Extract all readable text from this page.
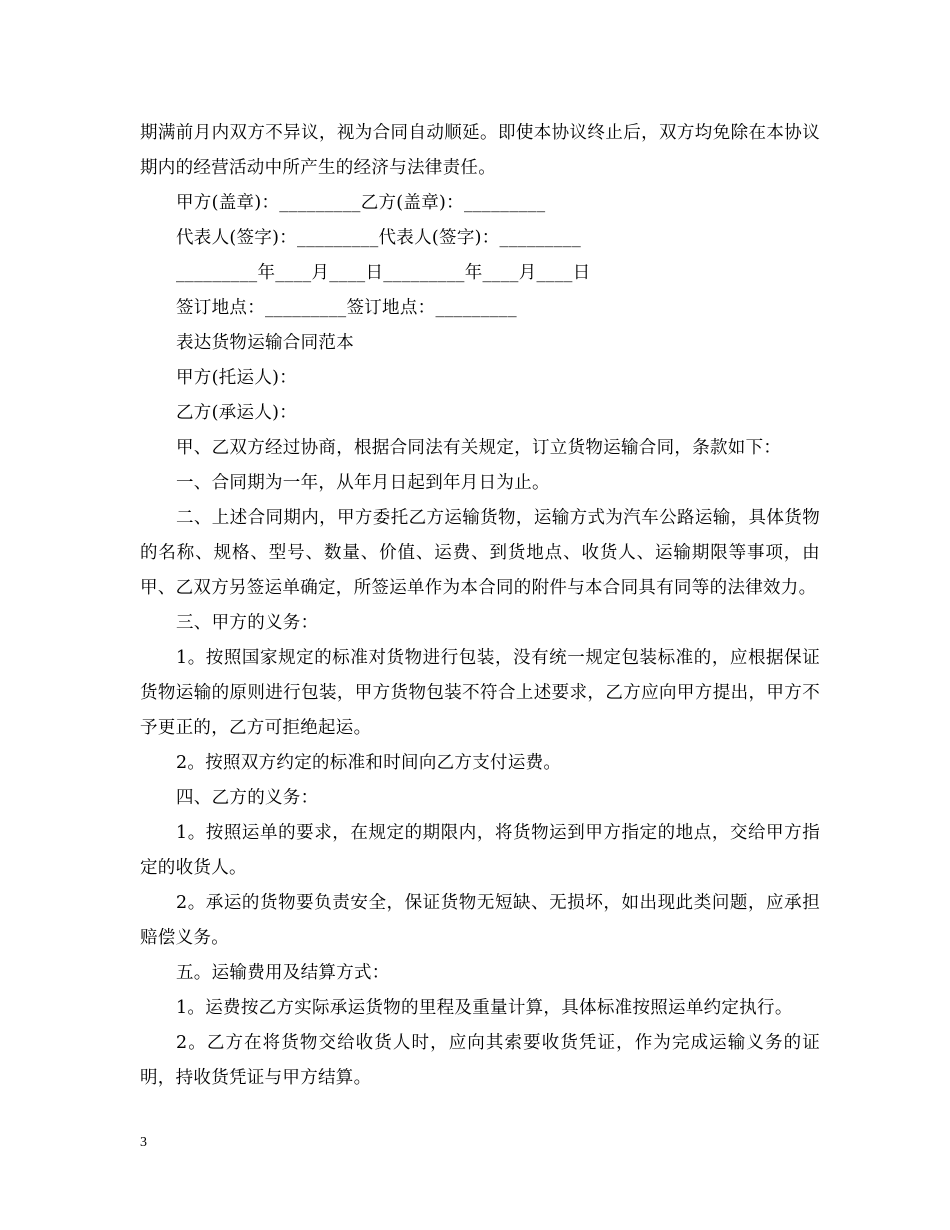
期满前月内双方不异议，视为合同自动顺延。即使本协议终止后，双方均免除在本协议期内的经营活动中所产生的经济与法律责任。

甲方(盖章)：_________乙方(盖章)：_________

代表人(签字)：_________代表人(签字)：_________

_________年____月____日_________年____月____日

签订地点：_________签订地点：_________

表达货物运输合同范本

甲方(托运人)：

乙方(承运人)：

甲、乙双方经过协商，根据合同法有关规定，订立货物运输合同，条款如下：

一、合同期为一年，从年月日起到年月日为止。

二、上述合同期内，甲方委托乙方运输货物，运输方式为汽车公路运输，具体货物的名称、规格、型号、数量、价值、运费、到货地点、收货人、运输期限等事项，由甲、乙双方另签运单确定，所签运单作为本合同的附件与本合同具有同等的法律效力。

三、甲方的义务：

1。按照国家规定的标准对货物进行包装，没有统一规定包装标准的，应根据保证货物运输的原则进行包装，甲方货物包装不符合上述要求，乙方应向甲方提出，甲方不予更正的，乙方可拒绝起运。

2。按照双方约定的标准和时间向乙方支付运费。

四、乙方的义务：

1。按照运单的要求，在规定的期限内，将货物运到甲方指定的地点，交给甲方指定的收货人。

2。承运的货物要负责安全，保证货物无短缺、无损坏，如出现此类问题，应承担赔偿义务。

五。运输费用及结算方式：

1。运费按乙方实际承运货物的里程及重量计算，具体标准按照运单约定执行。

2。乙方在将货物交给收货人时，应向其索要收货凭证，作为完成运输义务的证明，持收货凭证与甲方结算。

3
